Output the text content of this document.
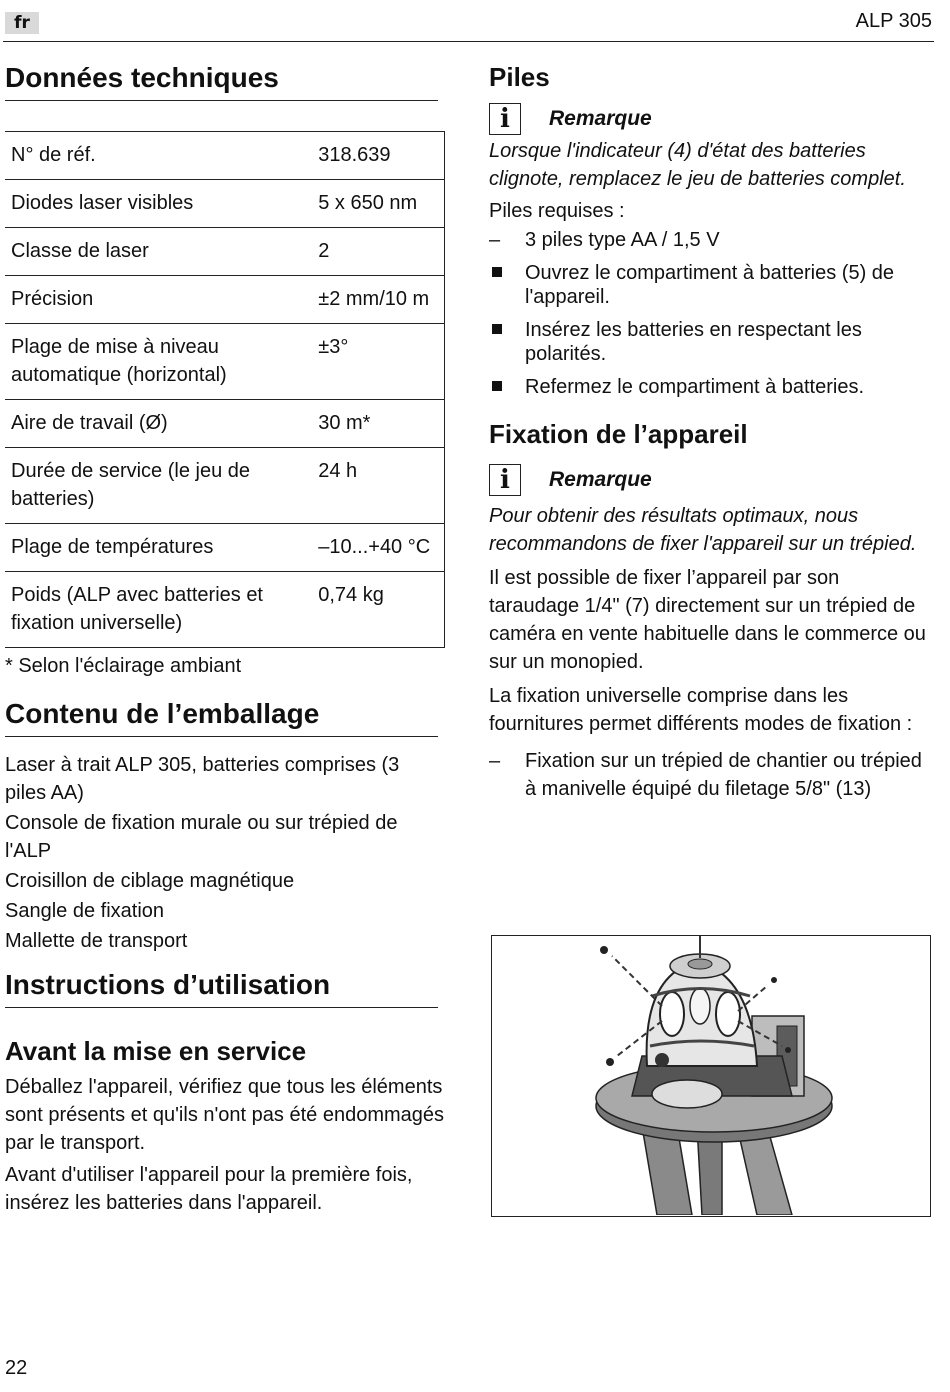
fr	ALP 305
Données techniques
N° de réf.	318.639
Diodes laser visibles	5 x 650 nm
Classe de laser	2
Précision	±2 mm/10 m
Plage de mise à niveau automatique (horizontal)	±3°
Aire de travail (Ø)	30 m*
Durée de service (le jeu de batteries)	24 h
Plage de températures	–10...+40 °C
Poids (ALP avec batteries et fixation universelle)	0,74 kg

* Selon l'éclairage ambiant

Contenu de l’emballage

Laser à trait ALP 305, batteries comprises (3 piles AA)

Console de fixation murale ou sur trépied de l'ALP

Croisillon de ciblage magnétique

Sangle de fixation

Mallette de transport

Instructions d’utilisation
Avant la mise en service

Déballez l'appareil, vérifiez que tous les éléments sont présents et qu'ils n'ont pas été endommagés par le transport.

Avant d'utiliser l'appareil pour la première fois, insérez les batteries dans l'appareil.

Piles
i	Remarque

Lorsque l'indicateur (4) d'état des batteries clignote, remplacez le jeu de batteries complet.

Piles requises :

– 3 piles type AA / 1,5 V
Ouvrez le compartiment à batteries (5) de l'appareil.
Insérez les batteries en respectant les polarités.
Refermez le compartiment à batteries.
Fixation de l’appareil
i	Remarque

Pour obtenir des résultats optimaux, nous recommandons de fixer l'appareil sur un trépied.

Il est possible de fixer l’appareil par son taraudage 1/4" (7) directement sur un trépied de caméra en vente habituelle dans le commerce ou sur un monopied.

La fixation universelle comprise dans les fournitures permet différents modes de fixation :

– Fixation sur un trépied de chantier ou trépied à manivelle équipé du filetage 5/8" (13)
22
